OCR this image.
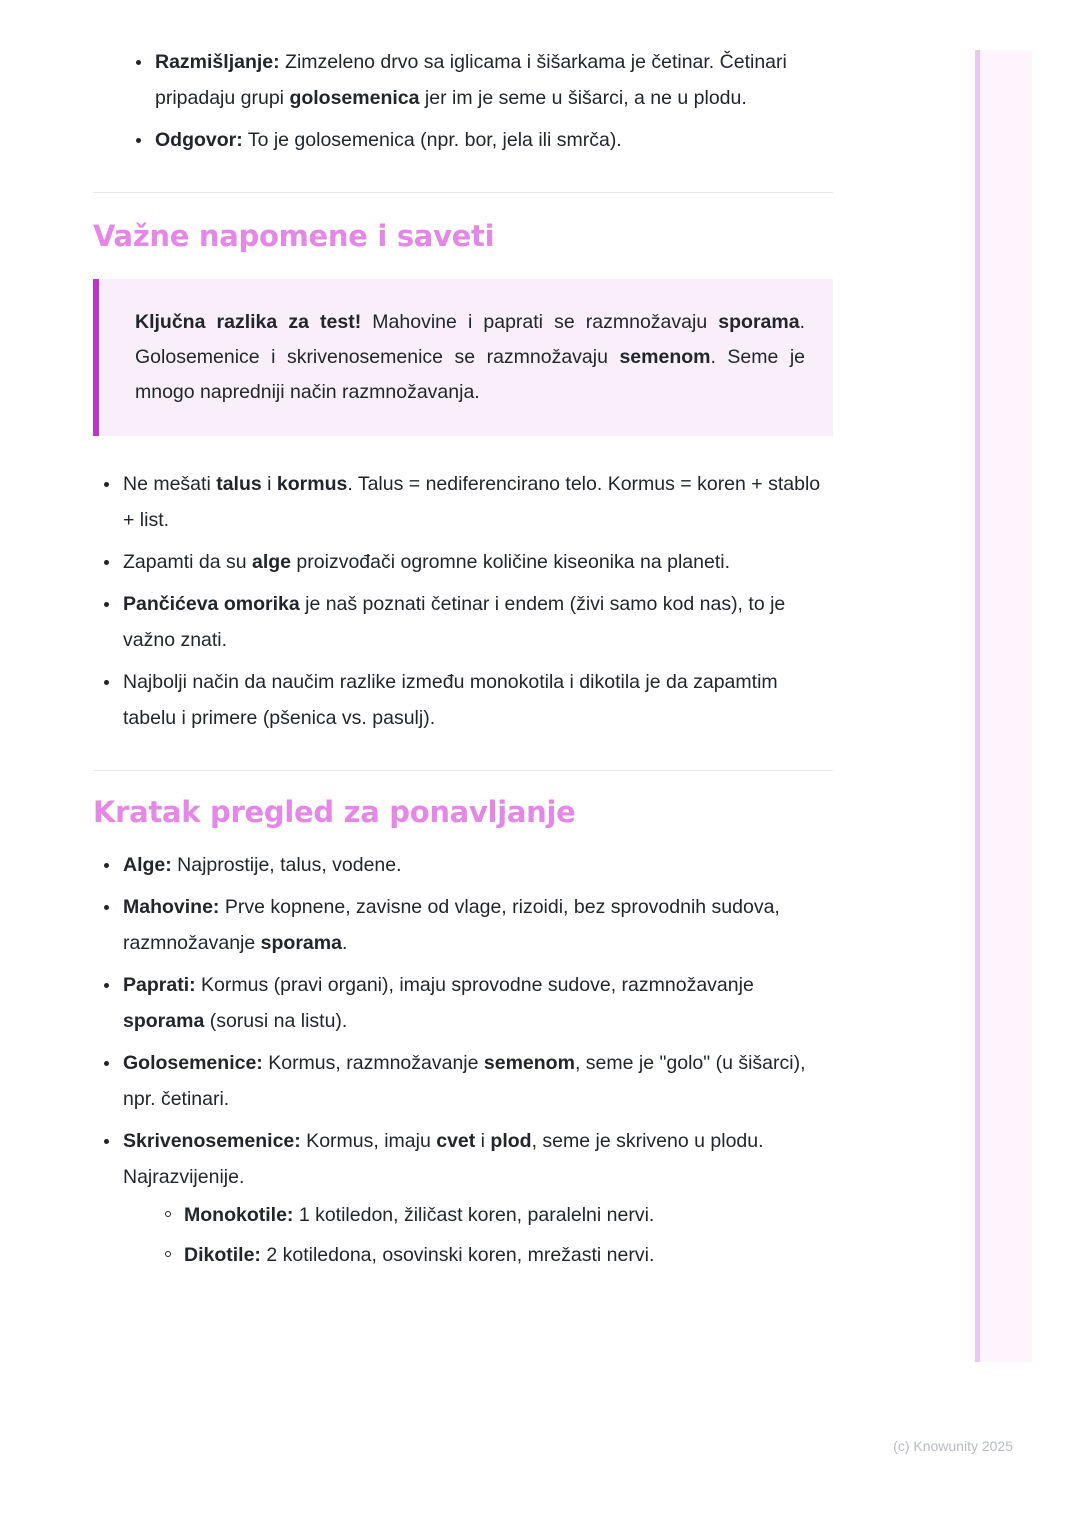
Razmišljanje: Zimzeleno drvo sa iglicama i šišarkama je četinar. Četinari pripadaju grupi golosemenica jer im je seme u šišarci, a ne u plodu.
Odgovor: To je golosemenica (npr. bor, jela ili smrča).
Važne napomene i saveti

Ključna razlika za test! Mahovine i paprati se razmnožavaju sporama. Golosemenice i skrivenosemenice se razmnožavaju semenom. Seme je mnogo napredniji način razmnožavanja.

Ne mešati talus i kormus. Talus = nediferencirano telo. Kormus = koren + stablo + list.
Zapamti da su alge proizvođači ogromne količine kiseonika na planeti.
Pančićeva omorika je naš poznati četinar i endem (živi samo kod nas), to je važno znati.
Najbolji način da naučim razlike između monokotila i dikotila je da zapamtim tabelu i primere (pšenica vs. pasulj).
Kratak pregled za ponavljanje
Alge: Najprostije, talus, vodene.
Mahovine: Prve kopnene, zavisne od vlage, rizoidi, bez sprovodnih sudova, razmnožavanje sporama.
Paprati: Kormus (pravi organi), imaju sprovodne sudove, razmnožavanje sporama (sorusi na listu).
Golosemenice: Kormus, razmnožavanje semenom, seme je "golo" (u šišarci), npr. četinari.
Skrivenosemenice: Kormus, imaju cvet i plod, seme je skriveno u plodu. Najrazvijenije.
Monokotile: 1 kotiledon, žiličast koren, paralelni nervi.
Dikotile: 2 kotiledona, osovinski koren, mrežasti nervi.
(c) Knowunity 2025
